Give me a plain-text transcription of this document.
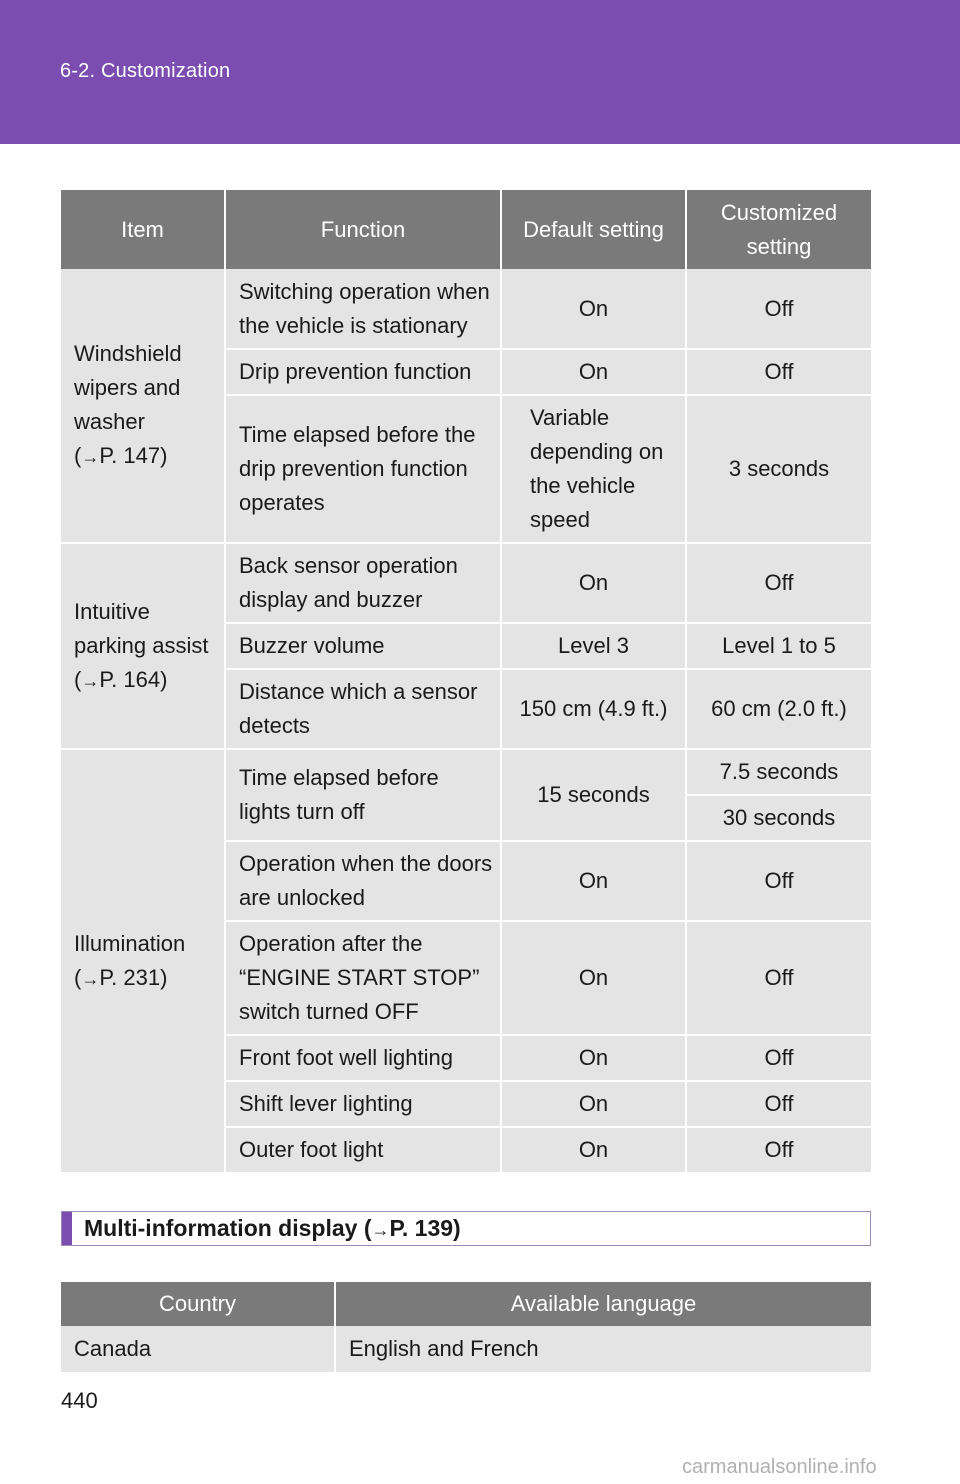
6-2. Customization
Item	Function	Default setting	Customized setting

Windshield wipers and washer
(→P. 147)	Switching operation when the vehicle is stationary	On	Off
	Drip prevention function	On	Off
	Time elapsed before the drip prevention function operates	Variable depending on the vehicle speed	3 seconds

Intuitive parking assist
(→P. 164)	Back sensor operation display and buzzer	On	Off
	Buzzer volume	Level 3	Level 1 to 5
	Distance which a sensor detects	150 cm (4.9 ft.)	60 cm (2.0 ft.)

Illumination
(→P. 231)	Time elapsed before lights turn off	15 seconds	7.5 seconds
			30 seconds
	Operation when the doors are unlocked	On	Off
	Operation after the “ENGINE START STOP” switch turned OFF	On	Off
	Front foot well lighting	On	Off
	Shift lever lighting	On	Off
	Outer foot light	On	Off
Multi-information display (→P. 139)
Country	Available language
Canada	English and French
440
carmanualsonline.info
